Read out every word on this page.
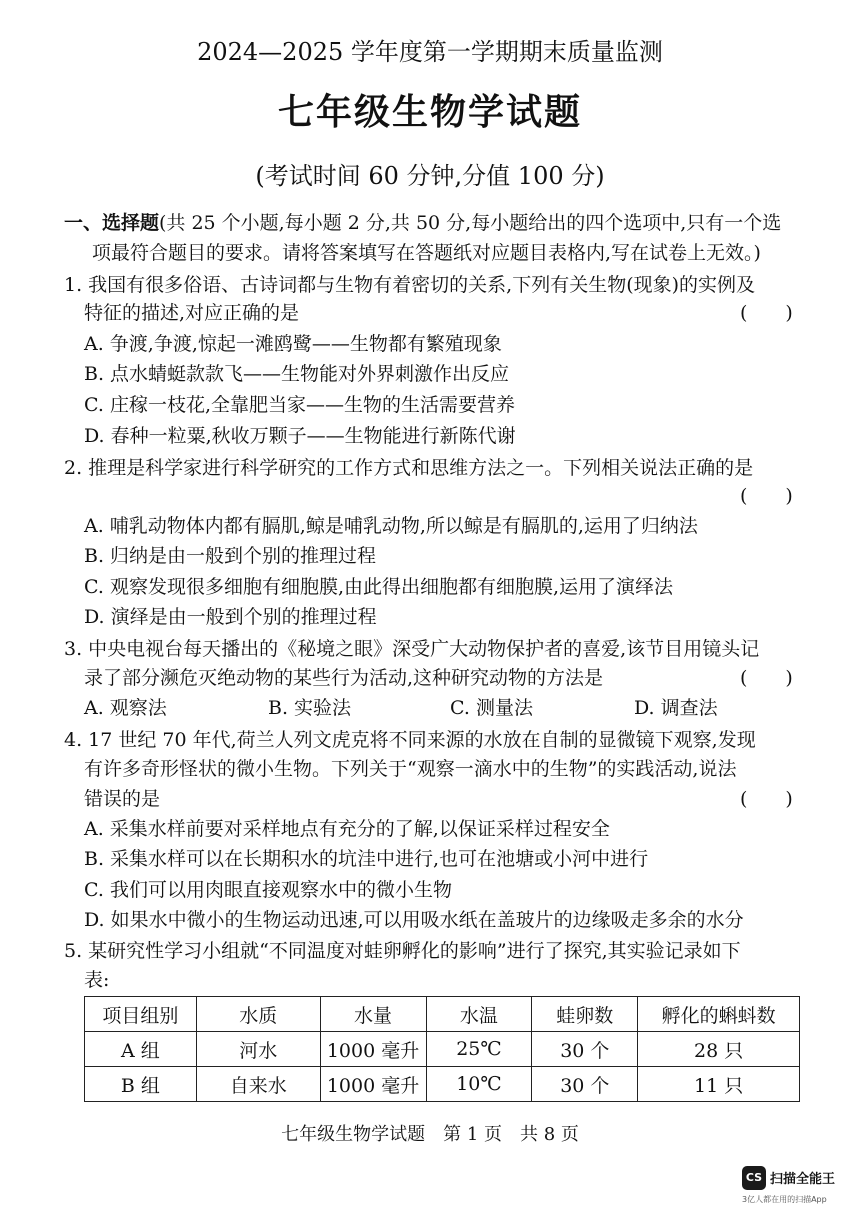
2024—2025 学年度第一学期期末质量监测
七年级生物学试题
(考试时间 60 分钟,分值 100 分)
一、选择题(共 25 个小题,每小题 2 分,共 50 分,每小题给出的四个选项中,只有一个选
项最符合题目的要求。请将答案填写在答题纸对应题目表格内,写在试卷上无效。)
1. 我国有很多俗语、古诗词都与生物有着密切的关系,下列有关生物(现象)的实例及
特征的描述,对应正确的是	(　　)
A. 争渡,争渡,惊起一滩鸥鹭——生物都有繁殖现象
B. 点水蜻蜓款款飞——生物能对外界刺激作出反应
C. 庄稼一枝花,全靠肥当家——生物的生活需要营养
D. 春种一粒粟,秋收万颗子——生物能进行新陈代谢
2. 推理是科学家进行科学研究的工作方式和思维方法之一。下列相关说法正确的是
(　　)
A. 哺乳动物体内都有膈肌,鲸是哺乳动物,所以鲸是有膈肌的,运用了归纳法
B. 归纳是由一般到个别的推理过程
C. 观察发现很多细胞有细胞膜,由此得出细胞都有细胞膜,运用了演绎法
D. 演绎是由一般到个别的推理过程
3. 中央电视台每天播出的《秘境之眼》深受广大动物保护者的喜爱,该节目用镜头记
录了部分濒危灭绝动物的某些行为活动,这种研究动物的方法是	(　　)
A. 观察法	B. 实验法	C. 测量法	D. 调查法
4. 17 世纪 70 年代,荷兰人列文虎克将不同来源的水放在自制的显微镜下观察,发现
有许多奇形怪状的微小生物。下列关于“观察一滴水中的生物”的实践活动,说法
错误的是	(　　)
A. 采集水样前要对采样地点有充分的了解,以保证采样过程安全
B. 采集水样可以在长期积水的坑洼中进行,也可在池塘或小河中进行
C. 我们可以用肉眼直接观察水中的微小生物
D. 如果水中微小的生物运动迅速,可以用吸水纸在盖玻片的边缘吸走多余的水分
5. 某研究性学习小组就“不同温度对蛙卵孵化的影响”进行了探究,其实验记录如下
表:
项目组别	水质	水量	水温	蛙卵数	孵化的蝌蚪数
A 组	河水	1000 毫升	25℃	30 个	28 只
B 组	自来水	1000 毫升	10℃	30 个	11 只
七年级生物学试题　第 1 页　共 8 页
CS 扫描全能王
3亿人都在用的扫描App
